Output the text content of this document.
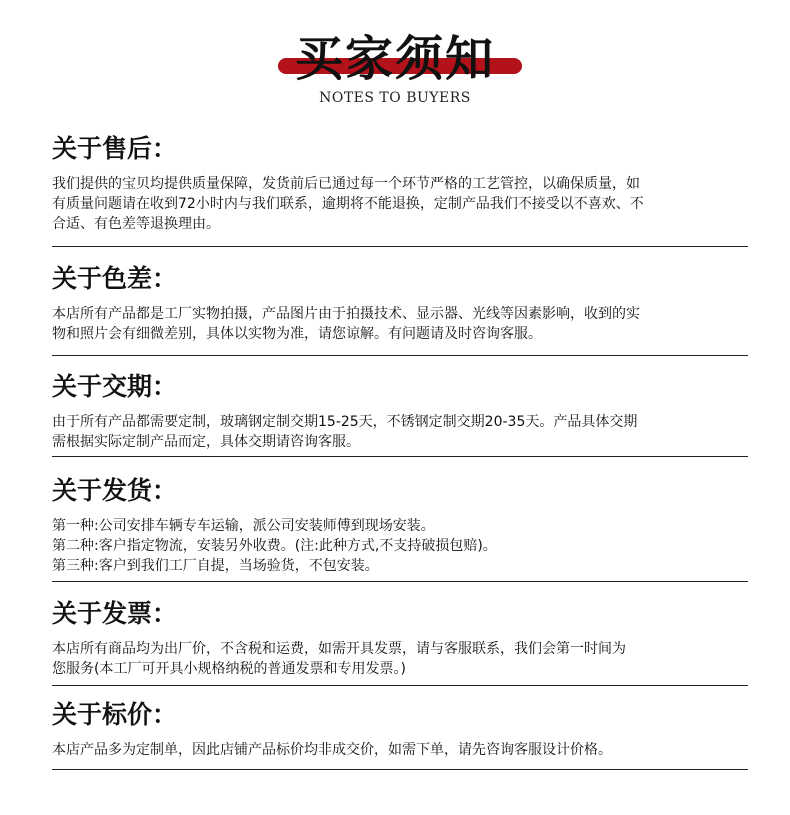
买家须知
NOTES TO BUYERS
关于售后：
我们提供的宝贝均提供质量保障，发货前后已通过每一个环节严格的工艺管控，以确保质量，如
有质量问题请在收到72小时内与我们联系，逾期将不能退换，定制产品我们不接受以不喜欢、不
合适、有色差等退换理由。
关于色差：
本店所有产品都是工厂实物拍摄，产品图片由于拍摄技术、显示器、光线等因素影响，收到的实
物和照片会有细微差别，具体以实物为准，请您谅解。有问题请及时咨询客服。
关于交期：
由于所有产品都需要定制，玻璃钢定制交期15-25天，不锈钢定制交期20-35天。产品具体交期
需根据实际定制产品而定，具体交期请咨询客服。
关于发货：
第一种:公司安排车辆专车运输，派公司安装师傅到现场安装。
第二种:客户指定物流，安装另外收费。(注:此种方式,不支持破损包赔)。
第三种:客户到我们工厂自提，当场验货，不包安装。
关于发票：
本店所有商品均为出厂价，不含税和运费，如需开具发票，请与客服联系，我们会第一时间为
您服务(本工厂可开具小规格纳税的普通发票和专用发票。)
关于标价：
本店产品多为定制单，因此店铺产品标价均非成交价，如需下单，请先咨询客服设计价格。
